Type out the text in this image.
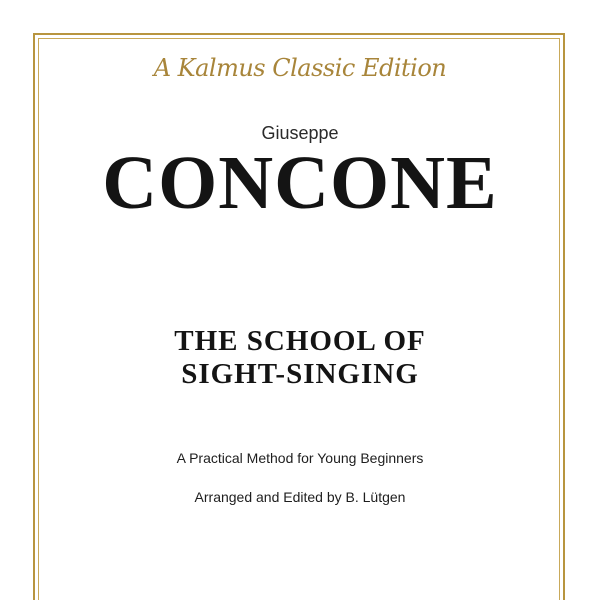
A Kalmus Classic Edition
Giuseppe
CONCONE
THE SCHOOL OF
SIGHT-SINGING
A Practical Method for Young Beginners
Arranged and Edited by B. Lütgen
